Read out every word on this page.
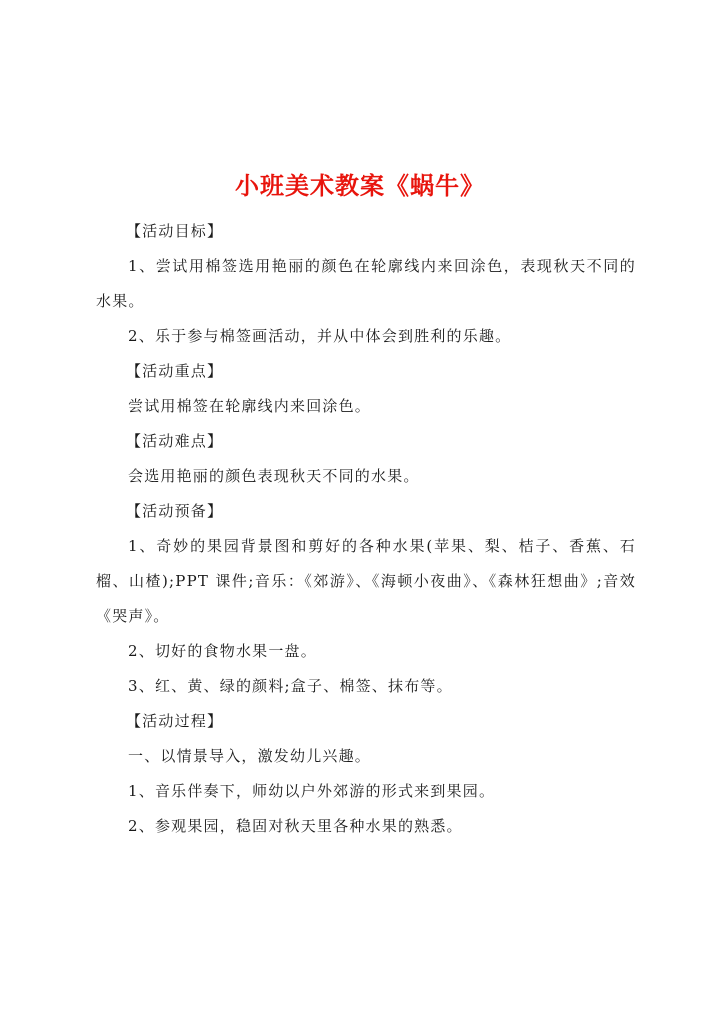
小班美术教案《蜗牛》

【活动目标】

1、尝试用棉签选用艳丽的颜色在轮廓线内来回涂色，表现秋天不同的水果。

2、乐于参与棉签画活动，并从中体会到胜利的乐趣。

【活动重点】

尝试用棉签在轮廓线内来回涂色。

【活动难点】

会选用艳丽的颜色表现秋天不同的水果。

【活动预备】

1、奇妙的果园背景图和剪好的各种水果(苹果、梨、桔子、香蕉、石榴、山楂);PPT 课件;音乐：《郊游》、《海顿小夜曲》、《森林狂想曲》;音效《哭声》。

2、切好的食物水果一盘。

3、红、黄、绿的颜料;盒子、棉签、抹布等。

【活动过程】

一、以情景导入，激发幼儿兴趣。

1、音乐伴奏下，师幼以户外郊游的形式来到果园。

2、参观果园，稳固对秋天里各种水果的熟悉。
